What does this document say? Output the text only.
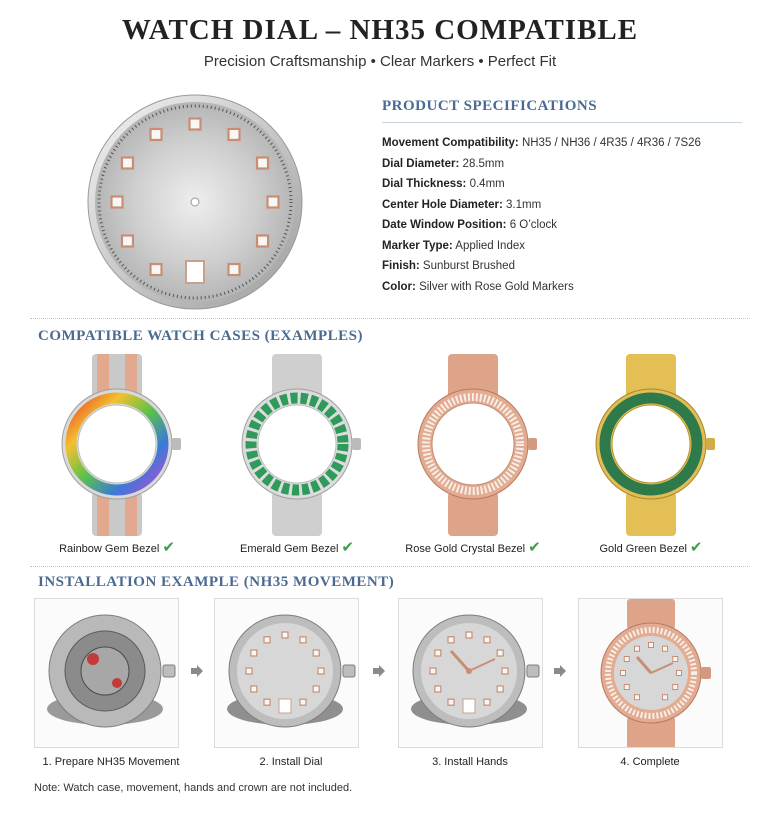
WATCH DIAL – NH35 COMPATIBLE
Precision Craftsmanship • Clear Markers • Perfect Fit
PRODUCT SPECIFICATIONS
Movement Compatibility: NH35 / NH36 / 4R35 / 4R36 / 7S26
Dial Diameter: 28.5mm
Dial Thickness: 0.4mm
Center Hole Diameter: 3.1mm
Date Window Position: 6 O’clock
Marker Type: Applied Index
Finish: Sunburst Brushed
Color: Silver with Rose Gold Markers
COMPATIBLE WATCH CASES (EXAMPLES)
Rainbow Gem Bezel ✔	Emerald Gem Bezel ✔	Rose Gold Crystal Bezel ✔	Gold Green Bezel ✔
INSTALLATION EXAMPLE (NH35 MOVEMENT)
1. Prepare NH35 Movement	2. Install Dial	3. Install Hands	4. Complete
Note: Watch case, movement, hands and crown are not included.
